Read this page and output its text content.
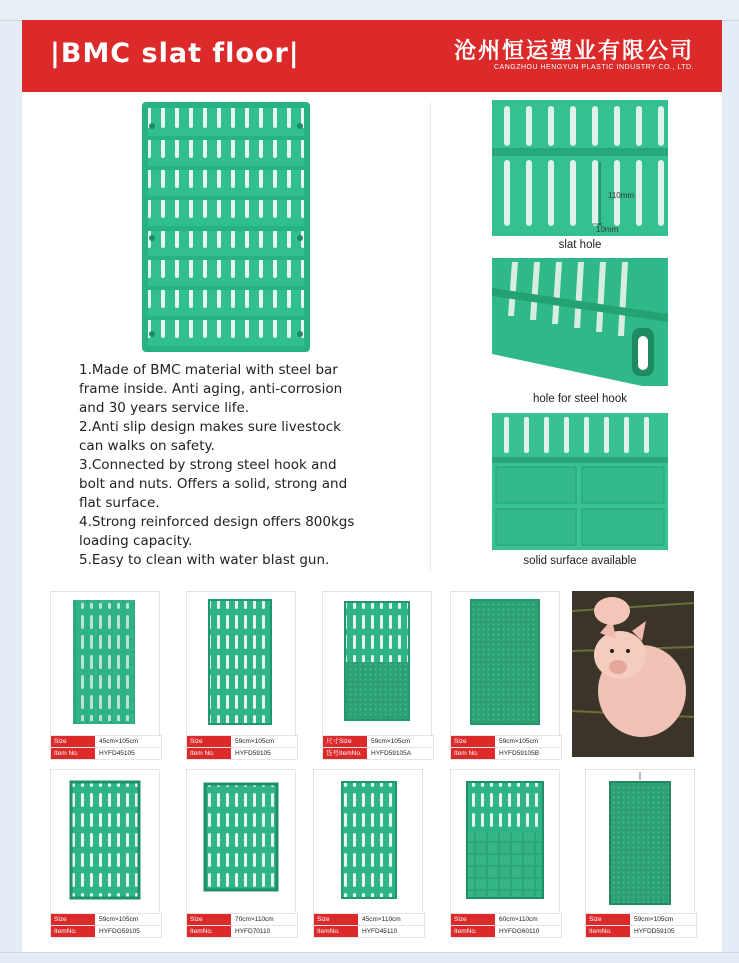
|BMC slat floor|	沧州恒运塑业有限公司
CANGZHOU HENGYUN PLASTIC INDUSTRY CO., LTD.
1.Made of BMC material with steel bar
frame inside. Anti aging, anti-corrosion
and 30 years service life.
2.Anti slip design makes sure livestock
can walks on safety.
3.Connected by strong steel hook and
bolt and nuts. Offers a solid, strong and
flat surface.
4.Strong reinforced design offers 800kgs
loading capacity.
5.Easy to clean with water blast gun.
110mm
10mm
slat hole
hole for steel hook
solid surface available
Size	45cm×105cm
Item No.	HYFD45105
Size	59cm×105cm
Item No.	HYFD59105
尺寸Size	59cm×105cm
货号ItemNo.	HYFD59105A
Size	59cm×105cm
Item No.	HYFD59105B
Size	59cm×105cm
ItemNo.	HYFDG59105
Size	70cm×110cm
ItemNo.	HYFD70110
Size	45cm×110cm
ItemNo.	HYFD45110
Size	60cm×110cm
ItemNo.	HYFDG60110
Size	59cm×105cm
ItemNo.	HYFDD59105
